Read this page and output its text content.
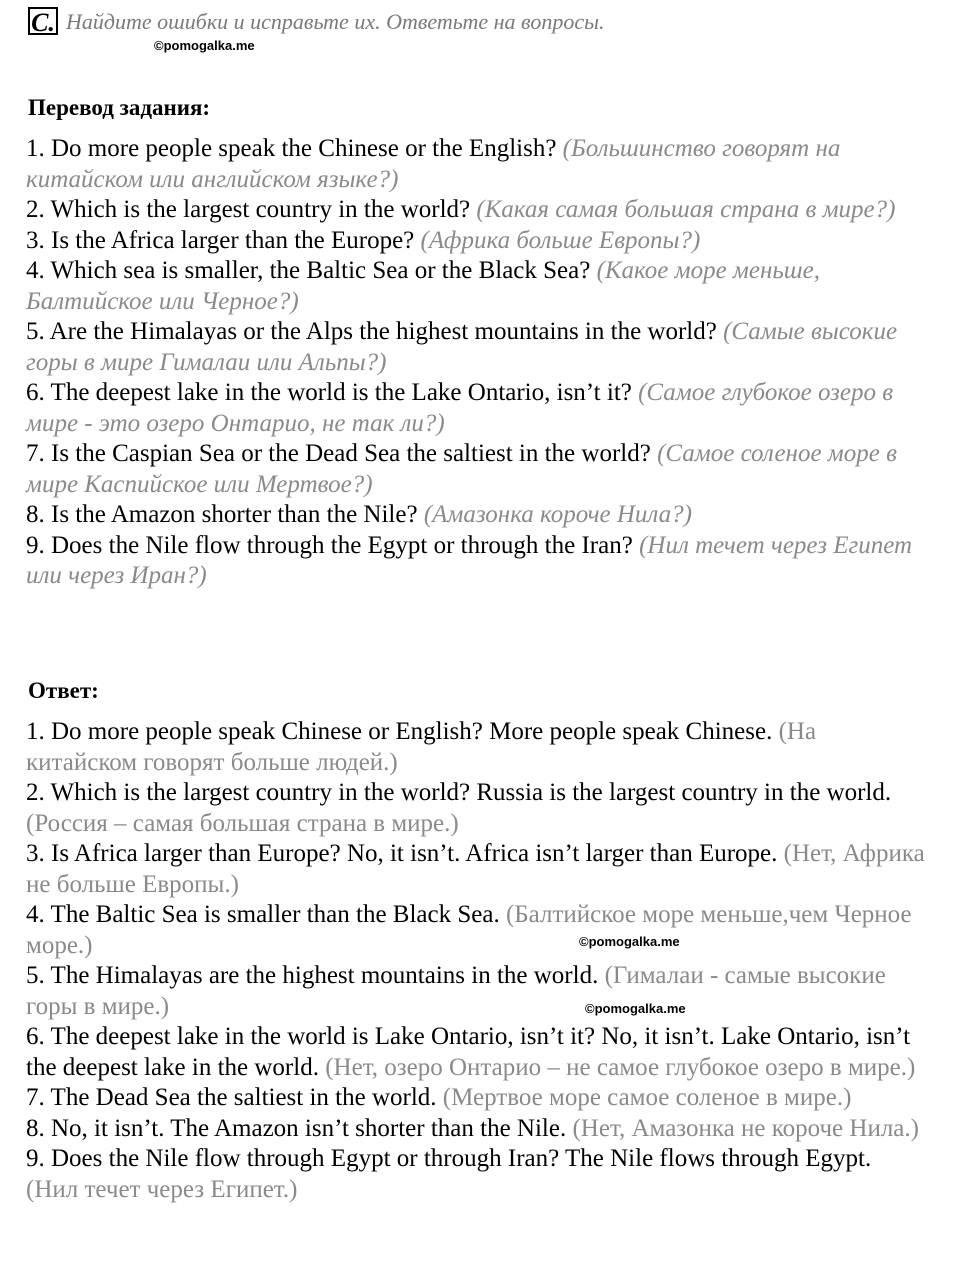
C. Найдите ошибки и исправьте их. Ответьте на вопросы.
©pomogalka.me
Перевод задания:
1. Do more people speak the Chinese or the English? (Большинство говорят на китайском или английском языке?)
2. Which is the largest country in the world? (Какая самая большая страна в мире?)
3. Is the Africa larger than the Europe? (Африка больше Европы?)
4. Which sea is smaller, the Baltic Sea or the Black Sea? (Какое море меньше, Балтийское или Черное?)
5. Are the Himalayas or the Alps the highest mountains in the world? (Самые высокие горы в мире Гималаи или Альпы?)
6. The deepest lake in the world is the Lake Ontario, isn’t it? (Самое глубокое озеро в мире - это озеро Онтарио, не так ли?)
7. Is the Caspian Sea or the Dead Sea the saltiest in the world? (Самое соленое море в мире Каспийское или Мертвое?)
8. Is the Amazon shorter than the Nile? (Амазонка короче Нила?)
9. Does the Nile flow through the Egypt or through the Iran? (Нил течет через Египет или через Иран?)
Ответ:
1. Do more people speak Chinese or English? More people speak Chinese. (На китайском говорят больше людей.)
2. Which is the largest country in the world? Russia is the largest country in the world. (Россия – самая большая страна в мире.)
3. Is Africa larger than Europe? No, it isn’t. Africa isn’t larger than Europe. (Нет, Африка не больше Европы.)
4. The Baltic Sea is smaller than the Black Sea. (Балтийское море меньше,чем Черное море.)
5. The Himalayas are the highest mountains in the world. (Гималаи - самые высокие горы в мире.)
6. The deepest lake in the world is Lake Ontario, isn’t it? No, it isn’t. Lake Ontario, isn’t the deepest lake in the world. (Нет, озеро Онтарио – не самое глубокое озеро в мире.)
7. The Dead Sea the saltiest in the world. (Мертвое море самое соленое в мире.)
8. No, it isn’t. The Amazon isn’t shorter than the Nile. (Нет, Амазонка не короче Нила.)
9. Does the Nile flow through Egypt or through Iran? The Nile flows through Egypt. (Нил течет через Египет.)
©pomogalka.me
©pomogalka.me
